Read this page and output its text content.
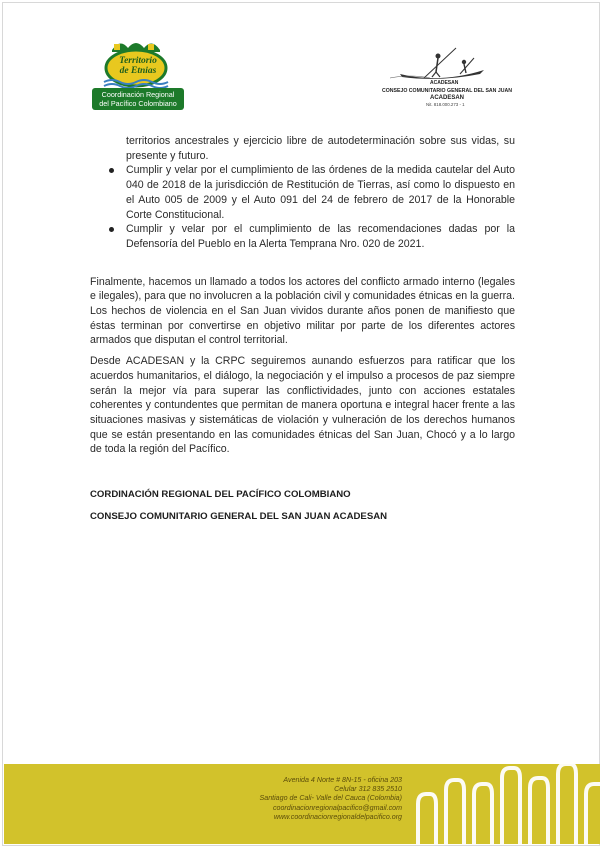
Territorio
de Etnias
Coordinación Regional
del Pacífico Colombiano
ACADESAN
CONSEJO COMUNITARIO GENERAL DEL SAN JUAN
ACADESAN
Nit. 818.000.273 - 1
territorios ancestrales y ejercicio libre de autodeterminación sobre sus vidas, su presente y futuro.
Cumplir y velar por el cumplimiento de las órdenes de la medida cautelar del Auto 040 de 2018 de la jurisdicción de Restitución de Tierras, así como lo dispuesto en el Auto 005 de 2009 y el Auto 091 del 24 de febrero de 2017 de la Honorable Corte Constitucional.
Cumplir y velar por el cumplimiento de las recomendaciones dadas por la Defensoría del Pueblo en la Alerta Temprana Nro. 020 de 2021.

Finalmente, hacemos un llamado a todos los actores del conflicto armado interno (legales e ilegales), para que no involucren a la población civil y comunidades étnicas en la guerra. Los hechos de violencia en el San Juan vividos durante años ponen de manifiesto que éstas terminan por convertirse en objetivo militar por parte de los diferentes actores armados que disputan el control territorial.

Desde ACADESAN y la CRPC seguiremos aunando esfuerzos para ratificar que los acuerdos humanitarios, el diálogo, la negociación y el impulso a procesos de paz siempre serán la mejor vía para superar las conflictividades, junto con acciones estatales coherentes y contundentes que permitan de manera oportuna e integral hacer frente a las situaciones masivas y sistemáticas de violación y vulneración de los derechos humanos que se están presentando en las comunidades étnicas del San Juan, Chocó y a lo largo de toda la región del Pacífico.

CORDINACIÓN REGIONAL DEL PACÍFICO COLOMBIANO
CONSEJO COMUNITARIO GENERAL DEL SAN JUAN ACADESAN
Avenida 4 Norte # 8N-15 - oficina 203
Celular 312 835 2510
Santiago de Cali- Valle del Cauca (Colombia)
coordinacionregionalpacifico@gmail.com
www.coordinacionregionaldelpacifico.org
